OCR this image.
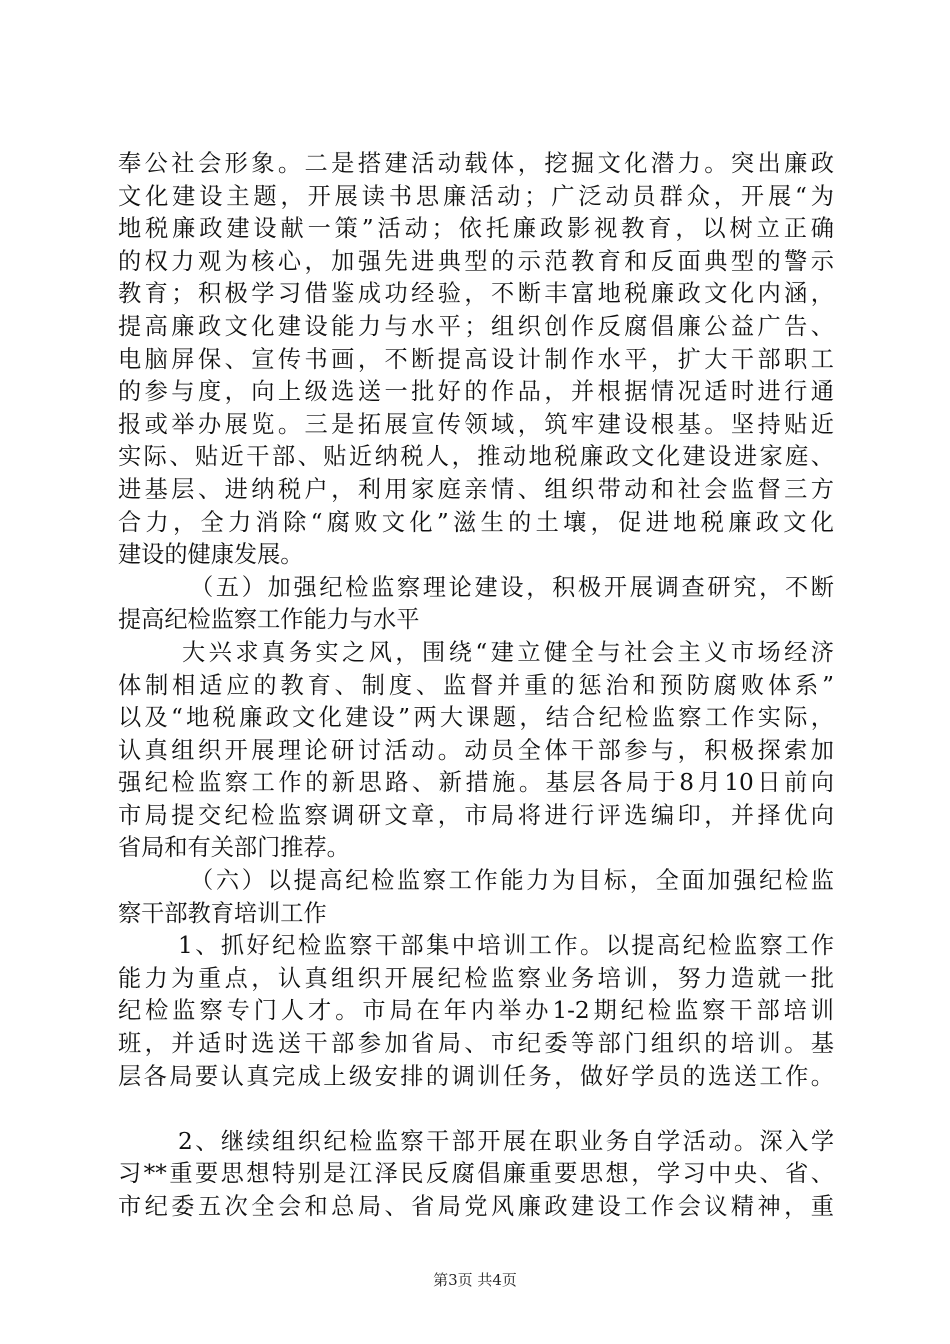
奉公社会形象。二是搭建活动载体，挖掘文化潜力。突出廉政
文化建设主题，开展读书思廉活动；广泛动员群众，开展“为
地税廉政建设献一策”活动；依托廉政影视教育，以树立正确
的权力观为核心，加强先进典型的示范教育和反面典型的警示
教育；积极学习借鉴成功经验，不断丰富地税廉政文化内涵，
提高廉政文化建设能力与水平；组织创作反腐倡廉公益广告、
电脑屏保、宣传书画，不断提高设计制作水平，扩大干部职工
的参与度，向上级选送一批好的作品，并根据情况适时进行通
报或举办展览。三是拓展宣传领域，筑牢建设根基。坚持贴近
实际、贴近干部、贴近纳税人，推动地税廉政文化建设进家庭、
进基层、进纳税户，利用家庭亲情、组织带动和社会监督三方
合力，全力消除“腐败文化”滋生的土壤，促进地税廉政文化
建设的健康发展。
（五）加强纪检监察理论建设，积极开展调查研究，不断
提高纪检监察工作能力与水平
大兴求真务实之风，围绕“建立健全与社会主义市场经济
体制相适应的教育、制度、监督并重的惩治和预防腐败体系”
以及“地税廉政文化建设”两大课题，结合纪检监察工作实际，
认真组织开展理论研讨活动。动员全体干部参与，积极探索加
强纪检监察工作的新思路、新措施。基层各局于8月10日前向
市局提交纪检监察调研文章，市局将进行评选编印，并择优向
省局和有关部门推荐。
（六）以提高纪检监察工作能力为目标，全面加强纪检监
察干部教育培训工作
1、抓好纪检监察干部集中培训工作。以提高纪检监察工作
能力为重点，认真组织开展纪检监察业务培训，努力造就一批
纪检监察专门人才。市局在年内举办1-2期纪检监察干部培训
班，并适时选送干部参加省局、市纪委等部门组织的培训。基
层各局要认真完成上级安排的调训任务，做好学员的选送工作。
2、继续组织纪检监察干部开展在职业务自学活动。深入学
习**重要思想特别是江泽民反腐倡廉重要思想，学习中央、省、
市纪委五次全会和总局、省局党风廉政建设工作会议精神，重
第3页 共4页
